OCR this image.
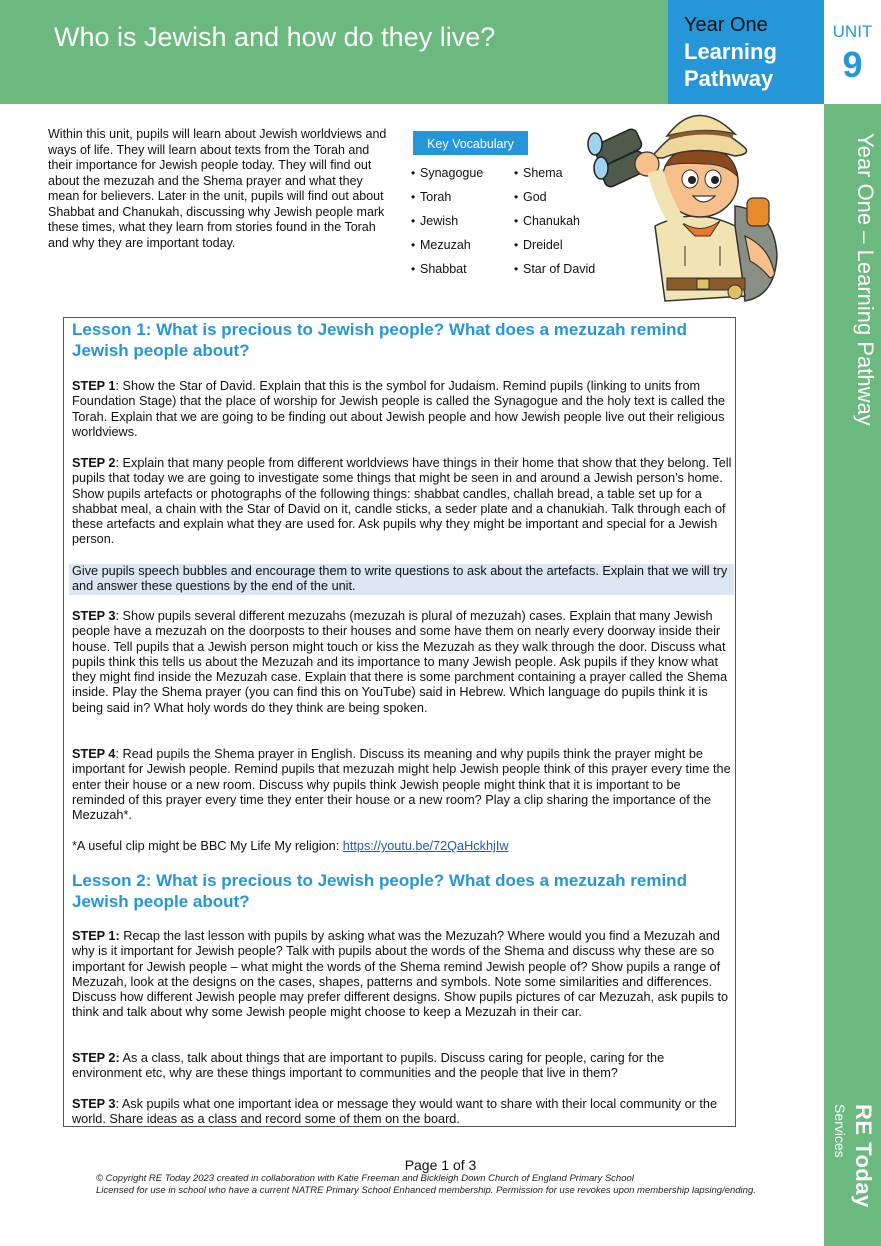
Who is Jewish and how do they live?	Year One
Learning
Pathway
UNIT
9
Year One – Learning Pathway
RE Today
Services
Within this unit, pupils will learn about Jewish worldviews and ways of life. They will learn about texts from the Torah and their importance for Jewish people today. They will find out about the mezuzah and the Shema prayer and what they mean for believers. Later in the unit, pupils will find out about Shabbat and Chanukah, discussing why Jewish people mark these times, what they learn from stories found in the Torah and why they are important today.
Key Vocabulary
• Synagogue
• Torah
• Jewish
• Mezuzah
• Shabbat
• Shema
• God
• Chanukah
• Dreidel
• Star of David
Lesson 1: What is precious to Jewish people? What does a mezuzah remind Jewish people about?
STEP 1: Show the Star of David. Explain that this is the symbol for Judaism. Remind pupils (linking to units from Foundation Stage) that the place of worship for Jewish people is called the Synagogue and the holy text is called the Torah. Explain that we are going to be finding out about Jewish people and how Jewish people live out their religious worldviews.
STEP 2: Explain that many people from different worldviews have things in their home that show that they belong. Tell pupils that today we are going to investigate some things that might be seen in and around a Jewish person’s home. Show pupils artefacts or photographs of the following things: shabbat candles, challah bread, a table set up for a shabbat meal, a chain with the Star of David on it, candle sticks, a seder plate and a chanukiah. Talk through each of these artefacts and explain what they are used for. Ask pupils why they might be important and special for a Jewish person.
Give pupils speech bubbles and encourage them to write questions to ask about the artefacts. Explain that we will try and answer these questions by the end of the unit.
STEP 3: Show pupils several different mezuzahs (mezuzah is plural of mezuzah) cases. Explain that many Jewish people have a mezuzah on the doorposts to their houses and some have them on nearly every doorway inside their house. Tell pupils that a Jewish person might touch or kiss the Mezuzah as they walk through the door. Discuss what pupils think this tells us about the Mezuzah and its importance to many Jewish people. Ask pupils if they know what they might find inside the Mezuzah case. Explain that there is some parchment containing a prayer called the Shema inside. Play the Shema prayer (you can find this on YouTube) said in Hebrew. Which language do pupils think it is being said in? What holy words do they think are being spoken.
STEP 4: Read pupils the Shema prayer in English. Discuss its meaning and why pupils think the prayer might be important for Jewish people. Remind pupils that mezuzah might help Jewish people think of this prayer every time the enter their house or a new room. Discuss why pupils think Jewish people might think that it is important to be reminded of this prayer every time they enter their house or a new room? Play a clip sharing the importance of the Mezuzah*.
*A useful clip might be BBC My Life My religion: https://youtu.be/72QaHckhjIw
Lesson 2: What is precious to Jewish people? What does a mezuzah remind Jewish people about?
STEP 1: Recap the last lesson with pupils by asking what was the Mezuzah? Where would you find a Mezuzah and why is it important for Jewish people? Talk with pupils about the words of the Shema and discuss why these are so important for Jewish people – what might the words of the Shema remind Jewish people of? Show pupils a range of Mezuzah, look at the designs on the cases, shapes, patterns and symbols. Note some similarities and differences. Discuss how different Jewish people may prefer different designs. Show pupils pictures of car Mezuzah, ask pupils to think and talk about why some Jewish people might choose to keep a Mezuzah in their car.
STEP 2: As a class, talk about things that are important to pupils. Discuss caring for people, caring for the environment etc, why are these things important to communities and the people that live in them?
STEP 3: Ask pupils what one important idea or message they would want to share with their local community or the world. Share ideas as a class and record some of them on the board.
Page 1 of 3
© Copyright RE Today 2023 created in collaboration with Katie Freeman and Bickleigh Down Church of England Primary School
Licensed for use in school who have a current NATRE Primary School Enhanced membership. Permission for use revokes upon membership lapsing/ending.
